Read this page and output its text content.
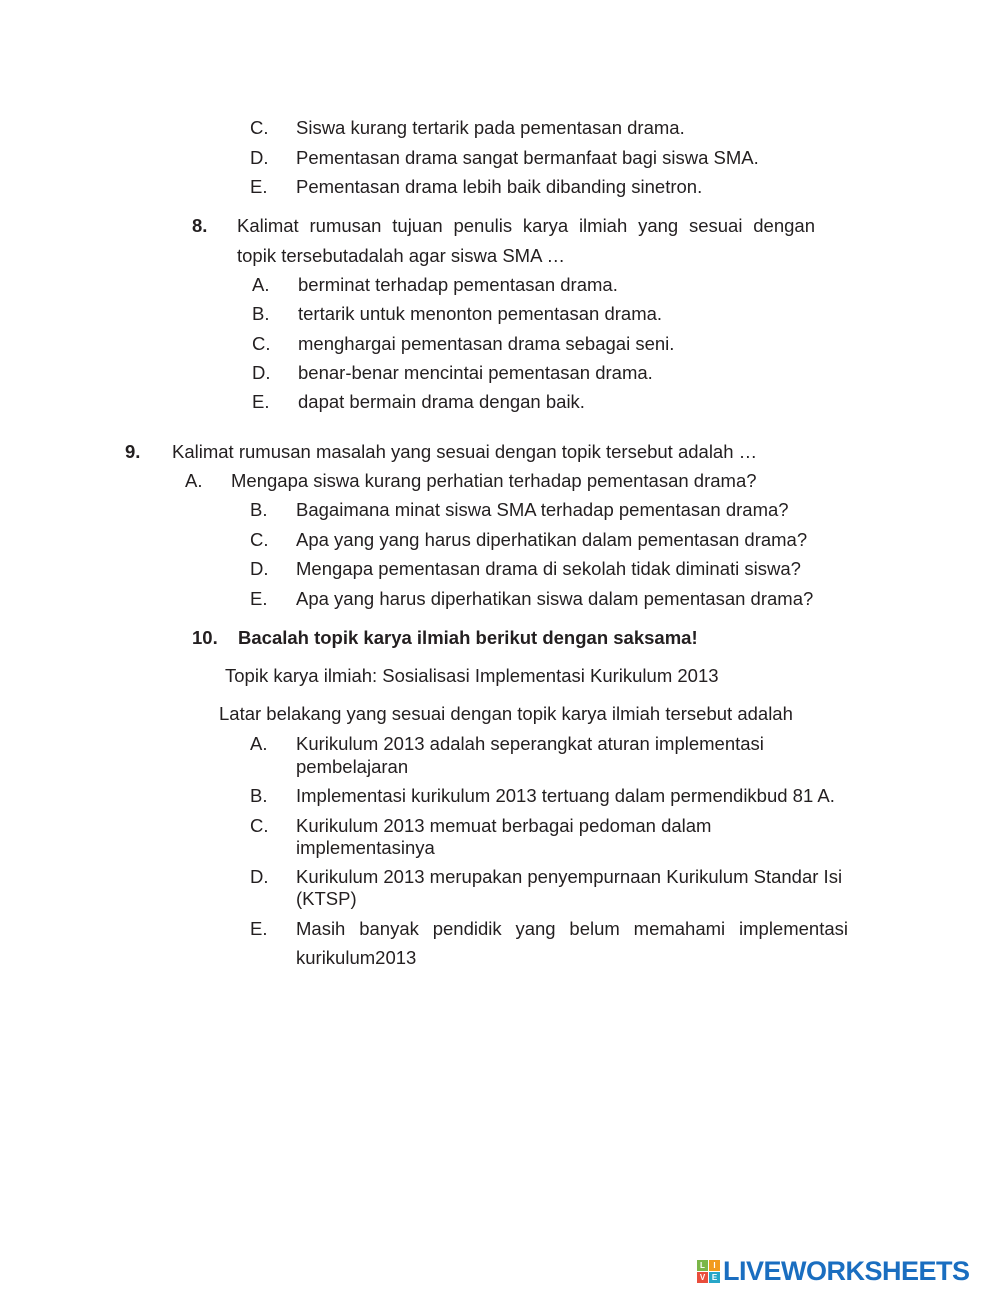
C. Siswa kurang tertarik pada pementasan drama.
D. Pementasan drama sangat bermanfaat bagi siswa SMA.
E. Pementasan drama lebih baik dibanding sinetron.
8. Kalimat rumusan tujuan penulis karya ilmiah yang sesuai dengan
topik tersebutadalah agar siswa SMA …
A. berminat terhadap pementasan drama.
B. tertarik untuk menonton pementasan drama.
C. menghargai pementasan drama sebagai seni.
D. benar-benar mencintai pementasan drama.
E. dapat bermain drama dengan baik.
9. Kalimat rumusan masalah yang sesuai dengan topik tersebut adalah …
A. Mengapa siswa kurang perhatian terhadap pementasan drama?
B. Bagaimana minat siswa SMA terhadap pementasan drama?
C. Apa yang yang harus diperhatikan dalam pementasan drama?
D. Mengapa pementasan drama di sekolah tidak diminati siswa?
E. Apa yang harus diperhatikan siswa dalam pementasan drama?
10. Bacalah topik karya ilmiah berikut dengan saksama!
Topik karya ilmiah: Sosialisasi Implementasi Kurikulum 2013
Latar belakang yang sesuai dengan topik karya ilmiah tersebut adalah
A. Kurikulum 2013 adalah seperangkat aturan implementasi
pembelajaran
B. Implementasi kurikulum 2013 tertuang dalam permendikbud 81 A.
C. Kurikulum 2013 memuat berbagai pedoman dalam
implementasinya
D. Kurikulum 2013 merupakan penyempurnaan Kurikulum Standar Isi
(KTSP)
E. Masih banyak pendidik yang belum memahami implementasi
kurikulum2013
L	I
V E LIVEWORKSHEETS
